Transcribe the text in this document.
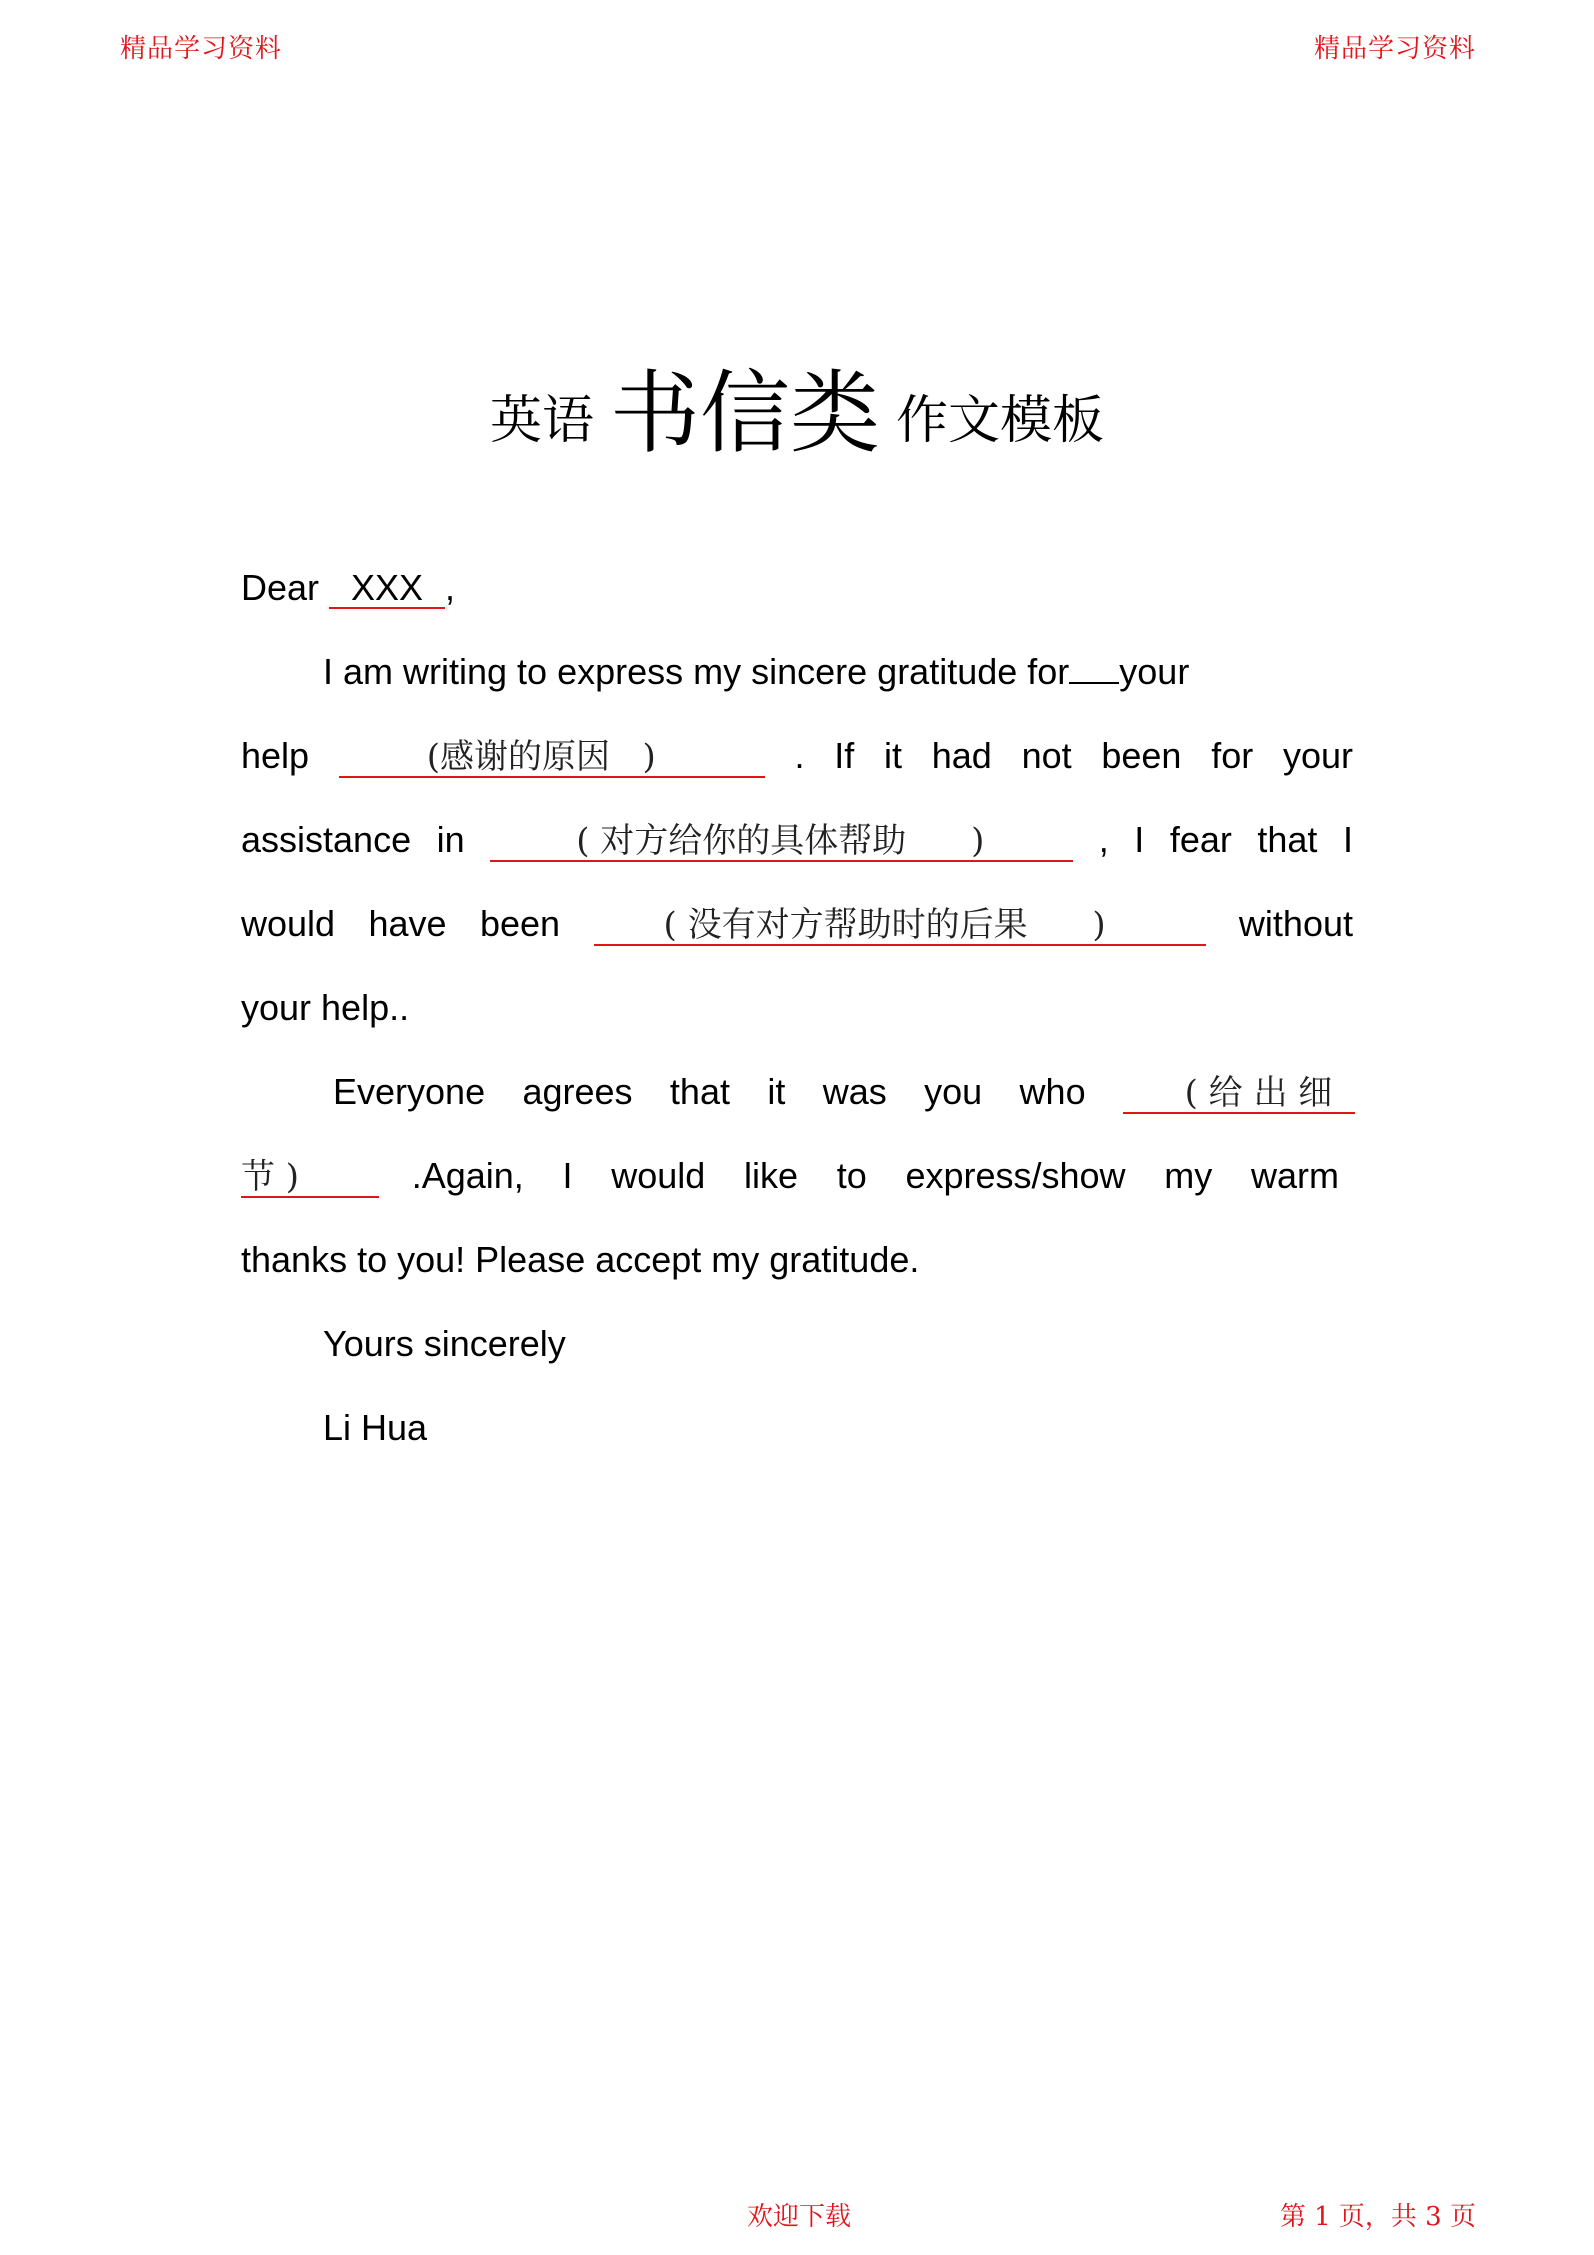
精品学习资料	精品学习资料
英语 书信类 作文模板
Dear XXX ,
I am writing to express my sincere gratitude for your
help	(感谢的原因   )	. If it had not been for your
assistance in	( 对方给你的具体帮助      )	, I fear that I
would have been	( 没有对方帮助时的后果      )	without
your help..
Everyone agrees that it was you who	( 给 出 细
节 )	.Again, I would like to express/show my warm
thanks to you! Please accept my gratitude.
Yours sincerely
Li Hua
欢迎下载	第 1 页，共 3 页
